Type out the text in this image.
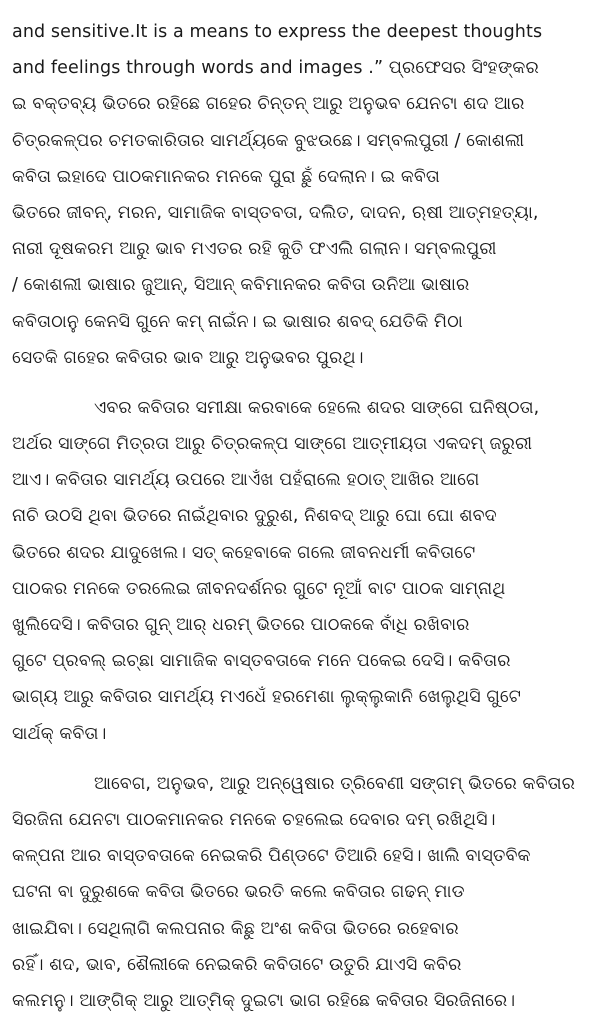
and sensitive.It is a means to express the deepest thoughts
and feelings through words and images .” ପ୍ରଫେସର ସିଂହଙ୍କର
ଇ ବକ୍ତବ୍ୟ ଭିତରେ ରହିଛେ ଗହେର ଚିନ୍ତନ୍ ଆରୁ ଅନୁଭବ ଯେନଟା ଶଦ ଆର
ଚିତ୍ରକଳ୍ପର ଚମତକାରିତାର ସାମର୍ଥ୍ୟକେ ବୁଝଉଛେ। ସମ୍ବଲପୁରୀ / କୋଶଲୀ
କବିତା ଇହାଦେ ପାଠକମାନକର ମନକେ ପୁରା ଛୁଁ ଦେଲାନ। ଇ କବିତା
ଭିତରେ ଜୀବନ୍, ମରନ, ସାମାଜିକ ବାସ୍ତବତା, ଦଲିତ, ଦାଦନ, ଋଷୀ ଆତ୍ମହତ୍ୟା,
ନାରୀ ଦୂଷକରମ ଆରୁ ଭାବ ମଏତର ରହି କୁତି ଫଏଲି ଗଲାନ। ସମ୍ବଲପୁରୀ
/ କୋଶଲୀ ଭାଷାର ଜୁଆନ୍, ସିଆନ୍ କବିମାନକର କବିତା ଉନିଆ ଭାଷାର
କବିତାଠାନୁ କେନସି ଗୁନେ କମ୍ ନାଇଁନ। ଇ ଭାଷାର ଶବଦ୍ ଯେତିକି ମିଠା
ସେତକି ଗହେର କବିତାର ଭାବ ଆରୁ ଅନୁଭବର ପୁରଥି।
ଏବର କବିତାର ସମୀକ୍ଷା କରବାକେ ହେଲେ ଶଦର ସାଙ୍ଗେ ଘନିଷ୍ଠତା,
ଅର୍ଥର ସାଙ୍ଗେ ମିତ୍ରତା ଆରୁ ଚିତ୍ରକଳ୍ପ ସାଙ୍ଗେ ଆତ୍ମୀୟତା ଏକଦମ୍ ଜରୁରୀ
ଆଏ। କବିତାର ସାମର୍ଥ୍ୟ ଉପରେ ଆଏଁଖ ପହଁରାଲେ ହଠାତ୍ ଆଖିର ଆଗେ
ନାଚି ଉଠସି ଥିବା ଭିତରେ ନାଇଁଥିବାର ଦୁରୁଶ, ନିଶବଦ୍ ଆରୁ ଘୋ ଘୋ ଶବଦ
ଭିତରେ ଶଦର ଯାଦୁଖେଲ। ସତ୍ କହେବାକେ ଗଲେ ଜୀବନଧର୍ମୀ କବିତାଟେ
ପାଠକର ମନକେ ତରଲେଇ ଜୀବନଦର୍ଶନର ଗୁଟେ ନୂଆଁ ବାଟ ପାଠକ ସାମ୍ନାଥି
ଖୁଲିଦେସି। କବିତାର ଗୁନ୍ ଆର୍ ଧରମ୍ ଭିତରେ ପାଠକକେ ବାଁଧି ରଖିବାର
ଗୁଟେ ପ୍ରବଲ୍ ଇଚ୍ଛା ସାମାଜିକ ବାସ୍ତବତାକେ ମନେ ପକେଇ ଦେସି। କବିତାର
ଭାଗ୍ୟ ଆରୁ କବିତାର ସାମର୍ଥ୍ୟ ମଏଧେଁ ହରମେଶା ଲୁକ୍‌ଲୁକାନି ଖେଲୁଥିସି ଗୁଟେ
ସାର୍ଥକ୍ କବିତା।
ଆବେଗ, ଅନୁଭବ, ଆରୁ ଅନ୍ୱେଷାର ତ୍ରିବେଣୀ ସଙ୍ଗମ୍ ଭିତରେ କବିତାର
ସିରଜିନା ଯେନଟା ପାଠକମାନକର ମନକେ ଚହଲେଇ ଦେବାର ଦମ୍ ରଖିଥିସି।
କଳ୍ପନା ଆର ବାସ୍ତବତାକେ ନେଇକରି ପିଣ୍ଡଟେ ତିଆରି ହେସି। ଖାଲି ବାସ୍ତବିକ
ଘଟନା ବା ଦୁରୁଶକେ କବିତା ଭିତରେ ଭରତି କଲେ କବିତାର ଗଢନ୍ ମାଡ
ଖାଇଯିବା। ସେଥିଲାଗି କଲପନାର କିଛୁ ଅଂଶ କବିତା ଭିତରେ ରହେବାର
ରହିଁ। ଶଦ, ଭାବ, ଶୈଲୀକେ ନେଇକରି କବିତାଟେ ଉତୁରି ଯାଏସି କବିର
କଲମନୁ। ଆଙ୍ଗିକ୍ ଆରୁ ଆତ୍ମିକ୍ ଦୁଇଟା ଭାଗ ରହିଛେ କବିତାର ସିରଜିନାରେ।
